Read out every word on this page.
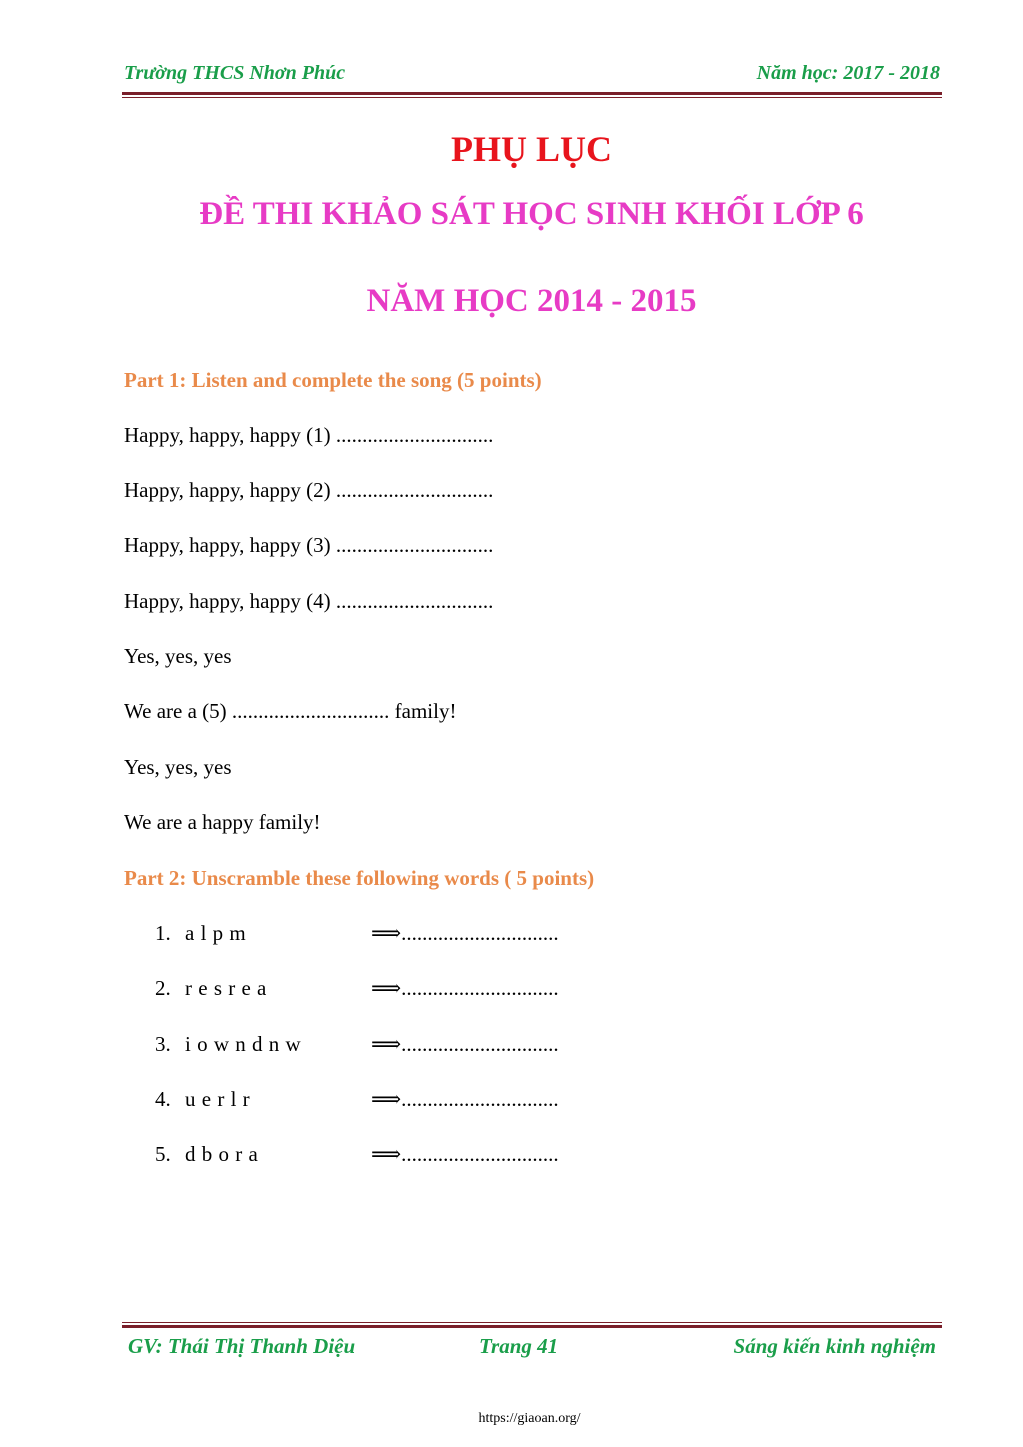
Trường THCS Nhơn Phúc	Năm học: 2017 - 2018
PHỤ LỤC
ĐỀ THI KHẢO SÁT HỌC SINH KHỐI LỚP 6
NĂM HỌC 2014 - 2015
Part 1: Listen and complete the song (5 points)
Happy, happy, happy (1) ..............................
Happy, happy, happy (2) ..............................
Happy, happy, happy (3) ..............................
Happy, happy, happy (4) ..............................
Yes, yes, yes
We are a (5) .............................. family!
Yes, yes, yes
We are a happy family!
Part 2: Unscramble these following words ( 5 points)
1. a l p m	⟹..............................
2. r e s r e a	⟹..............................
3. i o w n d n w	⟹..............................
4. u e r l r	⟹..............................
5. d b o r a	⟹..............................
GV: Thái Thị Thanh Diệu	Trang 41	Sáng kiến kinh nghiệm
https://giaoan.org/
